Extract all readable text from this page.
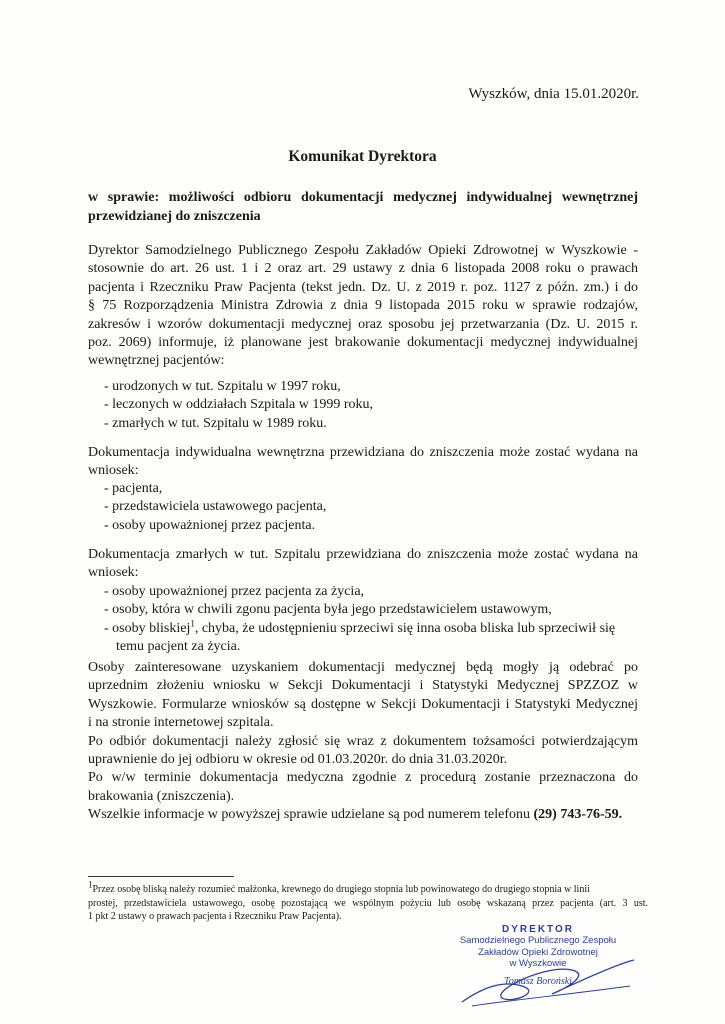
Wyszków, dnia 15.01.2020r.
Komunikat Dyrektora
w sprawie: możliwości odbioru dokumentacji medycznej indywidualnej wewnętrznej
przewidzianej do zniszczenia
Dyrektor Samodzielnego Publicznego Zespołu Zakładów Opieki Zdrowotnej w Wyszkowie -
stosownie do art. 26 ust. 1 i 2 oraz art. 29 ustawy z dnia 6 listopada 2008 roku o prawach
pacjenta i Rzeczniku Praw Pacjenta (tekst jedn. Dz. U. z 2019 r. poz. 1127 z późn. zm.) i do
§ 75 Rozporządzenia Ministra Zdrowia z dnia 9 listopada 2015 roku w sprawie rodzajów,
zakresów i wzorów dokumentacji medycznej oraz sposobu jej przetwarzania (Dz. U. 2015 r.
poz. 2069) informuje, iż planowane jest brakowanie dokumentacji medycznej indywidualnej
wewnętrznej pacjentów:
- urodzonych w tut. Szpitalu w 1997 roku,
- leczonych w oddziałach Szpitala w 1999 roku,
- zmarłych w tut. Szpitalu w 1989 roku.
Dokumentacja indywidualna wewnętrzna przewidziana do zniszczenia może zostać wydana na
wniosek:
- pacjenta,
- przedstawiciela ustawowego pacjenta,
- osoby upoważnionej przez pacjenta.
Dokumentacja zmarłych w tut. Szpitalu przewidziana do zniszczenia może zostać wydana na
wniosek:
- osoby upoważnionej przez pacjenta za życia,
- osoby, która w chwili zgonu pacjenta była jego przedstawicielem ustawowym,
- osoby bliskiej$^1$, chyba, że udostępnieniu sprzeciwi się inna osoba bliska lub sprzeciwił się
temu pacjent za życia.
Osoby zainteresowane uzyskaniem dokumentacji medycznej będą mogły ją odebrać po
uprzednim złożeniu wniosku w Sekcji Dokumentacji i Statystyki Medycznej SPZZOZ w
Wyszkowie. Formularze wniosków są dostępne w Sekcji Dokumentacji i Statystyki Medycznej
i na stronie internetowej szpitala.
Po odbiór dokumentacji należy zgłosić się wraz z dokumentem tożsamości potwierdzającym
uprawnienie do jej odbioru w okresie od 01.03.2020r. do dnia 31.03.2020r.
Po w/w terminie dokumentacja medyczna zgodnie z procedurą zostanie przeznaczona do
brakowania (zniszczenia).
Wszelkie informacje w powyższej sprawie udzielane są pod numerem telefonu (29) 743-76-59.
$^1$Przez osobę bliską należy rozumieć małżonka, krewnego do drugiego stopnia lub powinowatego do drugiego stopnia w linii
prostej, przedstawiciela ustawowego, osobę pozostającą we wspólnym pożyciu lub osobę wskazaną przez pacjenta (art. 3 ust.
1 pkt 2 ustawy o prawach pacjenta i Rzeczniku Praw Pacjenta).
DYREKTOR
Samodzielnego Publicznego Zespołu
Zakładów Opieki Zdrowotnej
w Wyszkowie
Tomasz Boroński
